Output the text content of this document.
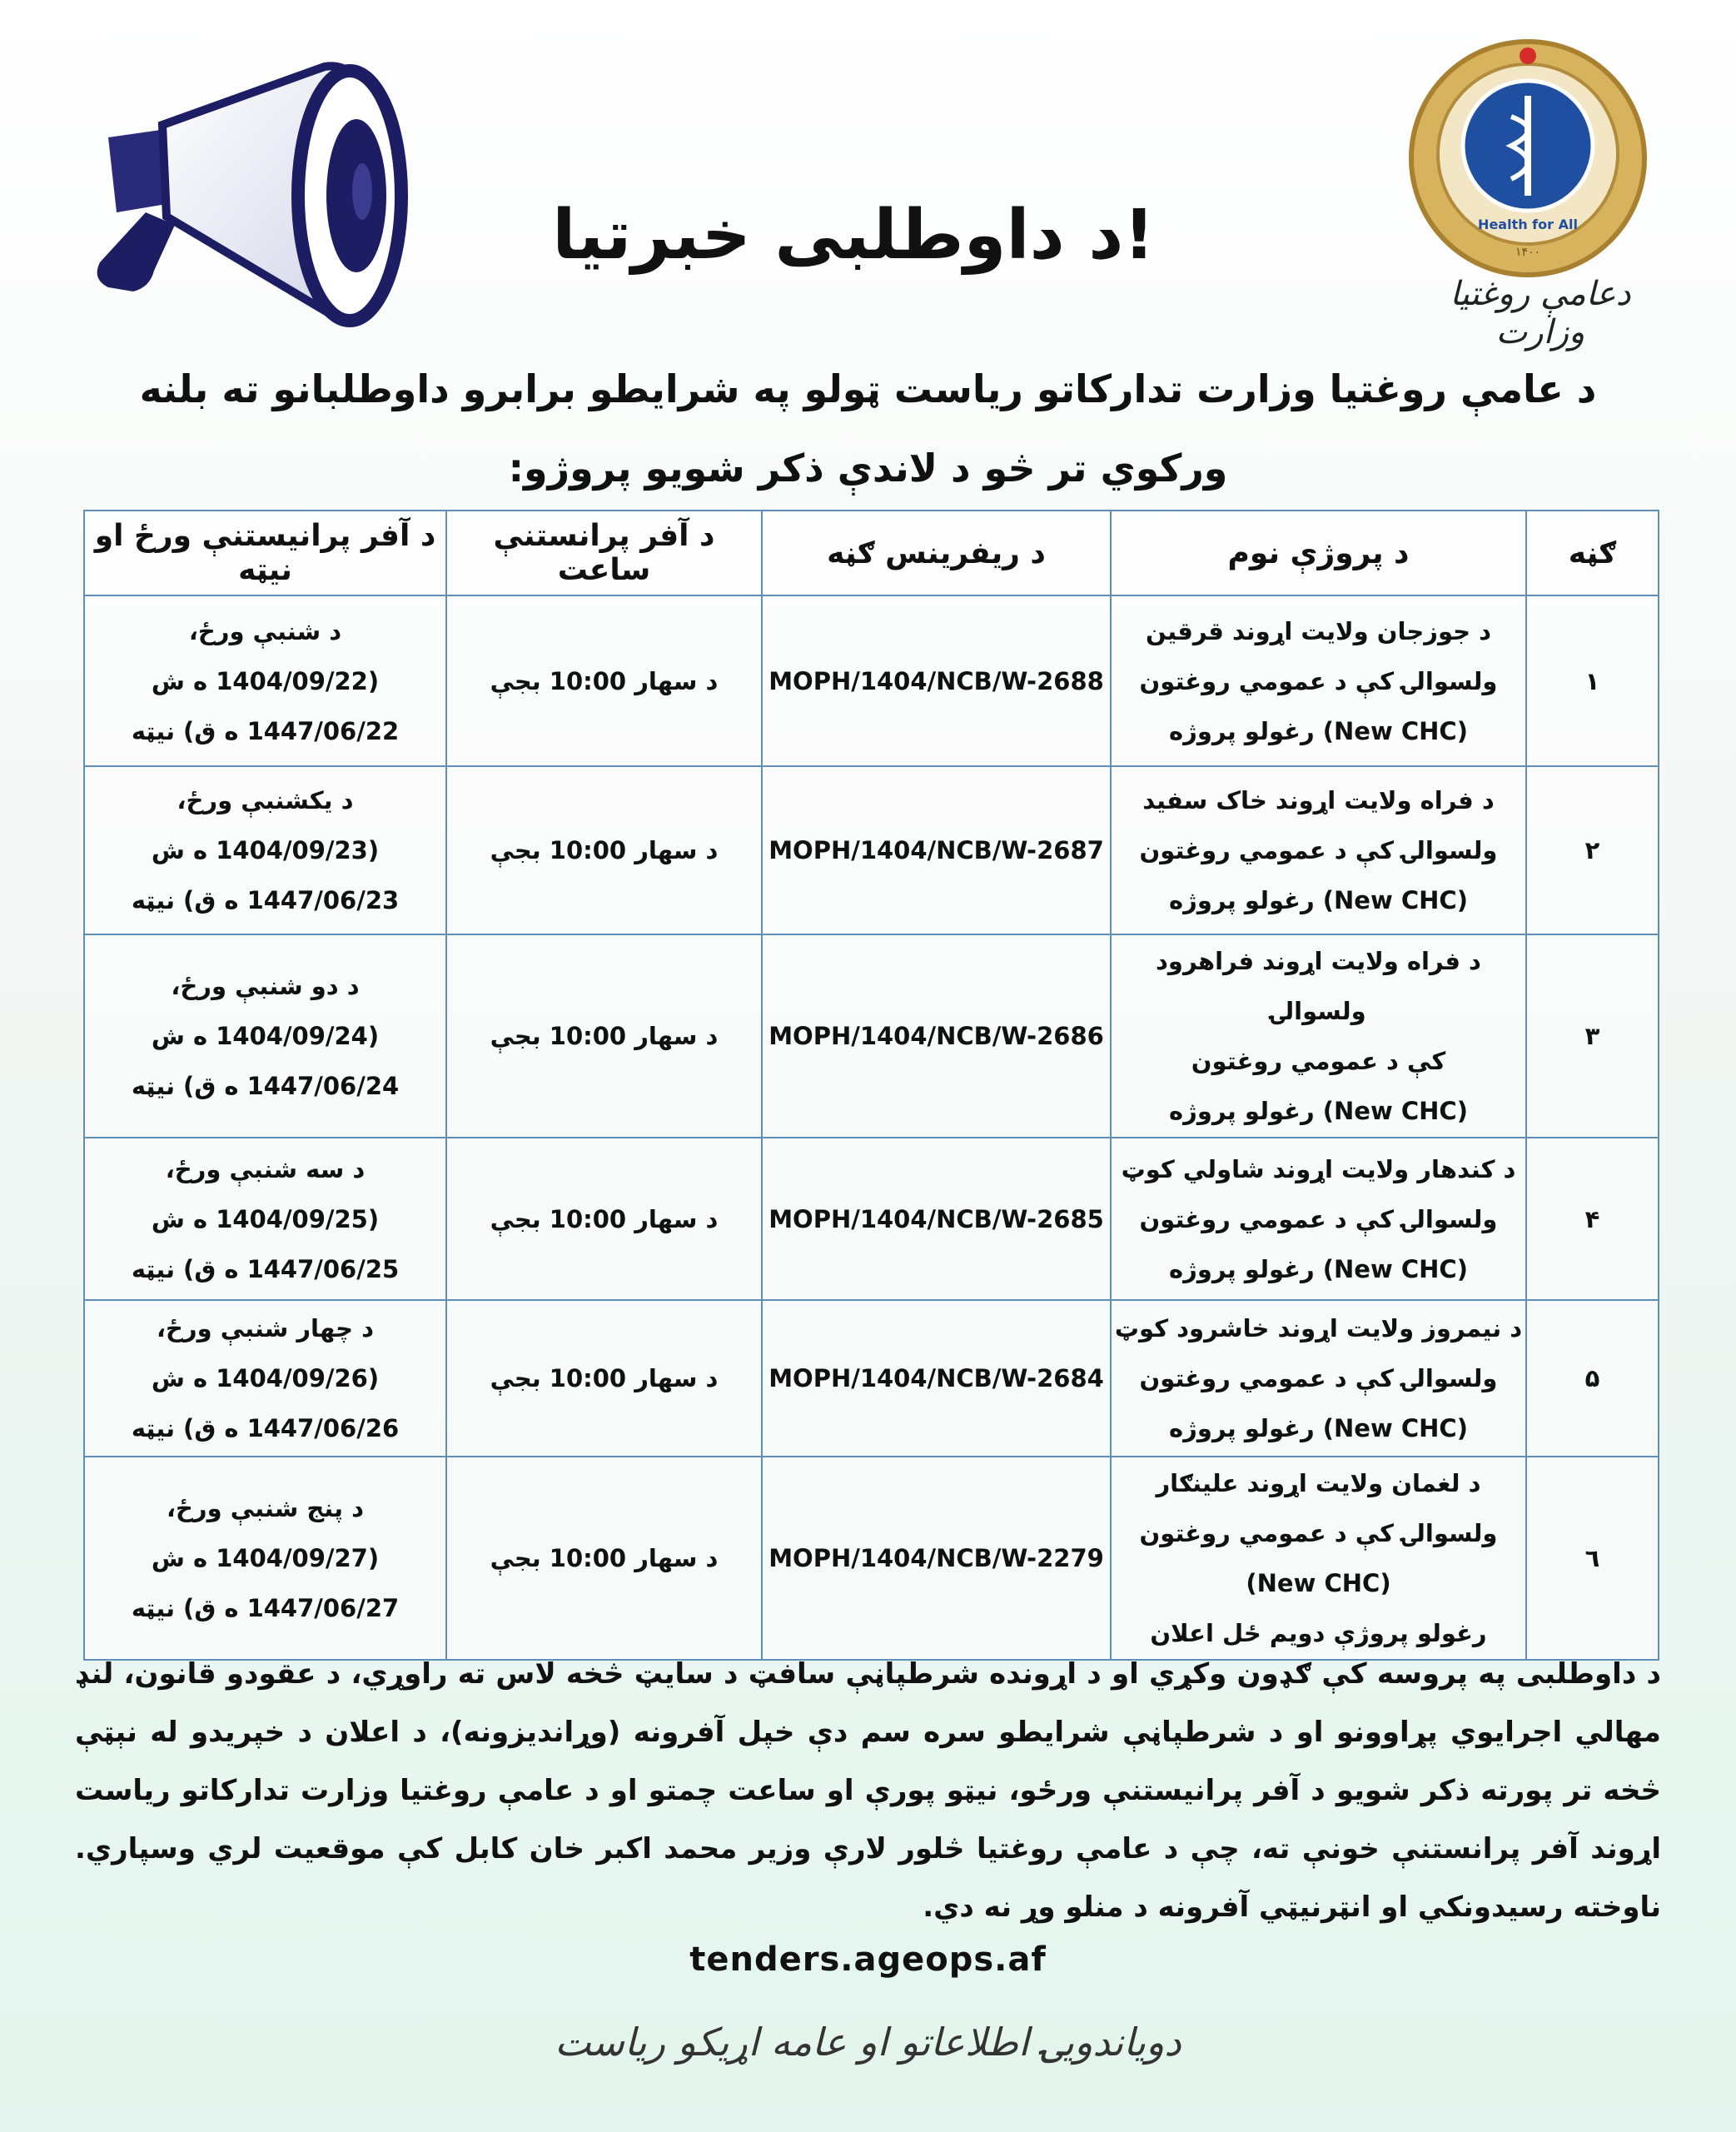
Health for All
۱۴۰۰
دعامې روغتيا وزارت
د داوطلبی خبرتیا!
د عامې روغتيا وزارت تدارکاتو رياست ټولو په شرايطو برابرو داوطلبانو ته بلنه ورکوي تر څو د لاندې ذکر شويو پروژو:
ګڼه	د پروژې نوم	د ريفرينس ګڼه	د آفر پرانستنې ساعت	د آفر پرانيستنې ورځ او نيټه
١	د جوزجان ولايت اړوند قرقين
ولسوالۍ کې د عمومي روغتون
(New CHC) رغولو پروژه	MOPH/1404/NCB/W-2688	د سهار 10:00 بجې	د شنبې ورځ،
(1404/09/22 ه ش
1447/06/22 ه ق) نيټه

٢	د فراه ولايت اړوند خاک سفيد
ولسوالۍ کې د عمومي روغتون
(New CHC) رغولو پروژه	MOPH/1404/NCB/W-2687	د سهار 10:00 بجې	د يکشنبې ورځ،
(1404/09/23 ه ش
1447/06/23 ه ق) نيټه

٣	د فراه ولايت اړوند فراهرود ولسوالۍ
کې د عمومي روغتون
(New CHC) رغولو پروژه	MOPH/1404/NCB/W-2686	د سهار 10:00 بجې	د دو شنبې ورځ،
(1404/09/24 ه ش
1447/06/24 ه ق) نيټه

۴	د کندهار ولايت اړوند شاولي کوټ
ولسوالۍ کې د عمومي روغتون
(New CHC) رغولو پروژه	MOPH/1404/NCB/W-2685	د سهار 10:00 بجې	د سه شنبې ورځ،
(1404/09/25 ه ش
1447/06/25 ه ق) نيټه

۵	د نيمروز ولايت اړوند خاشرود کوټ
ولسوالۍ کې د عمومي روغتون
(New CHC) رغولو پروژه	MOPH/1404/NCB/W-2684	د سهار 10:00 بجې	د چهار شنبې ورځ،
(1404/09/26 ه ش
1447/06/26 ه ق) نيټه

٦	د لغمان ولايت اړوند علينګار
ولسوالۍ کې د عمومي روغتون
(New CHC)
رغولو پروژې دويم ځل اعلان	MOPH/1404/NCB/W-2279	د سهار 10:00 بجې	د پنج شنبې ورځ،
(1404/09/27 ه ش
1447/06/27 ه ق) نيټه
د داوطلبی په پروسه کې ګډون وکړي او د اړونده شرطپاڼې سافټ د سايټ څخه لاس ته راوړي، د عقودو قانون، لنډ مهالي اجرايوي پړاوونو او د شرطپاڼې شرايطو سره سم دې خپل آفرونه (وړانديزونه)، د اعلان د خپريدو له نېټې څخه تر پورته ذکر شويو د آفر پرانيستنې ورځو، نيټو پورې او ساعت چمتو او د عامې روغتيا وزارت تدارکاتو رياست اړوند آفر پرانستنې خونې ته، چې د عامې روغتيا څلور لارې وزير محمد اکبر خان کابل کې موقعيت لري وسپاري. ناوخته رسيدونکي او انټرنيټي آفرونه د منلو وړ نه دي.
tenders.ageops.af
دویاندویۍ اطلاعاتو او عامه اړیکو ریاست
